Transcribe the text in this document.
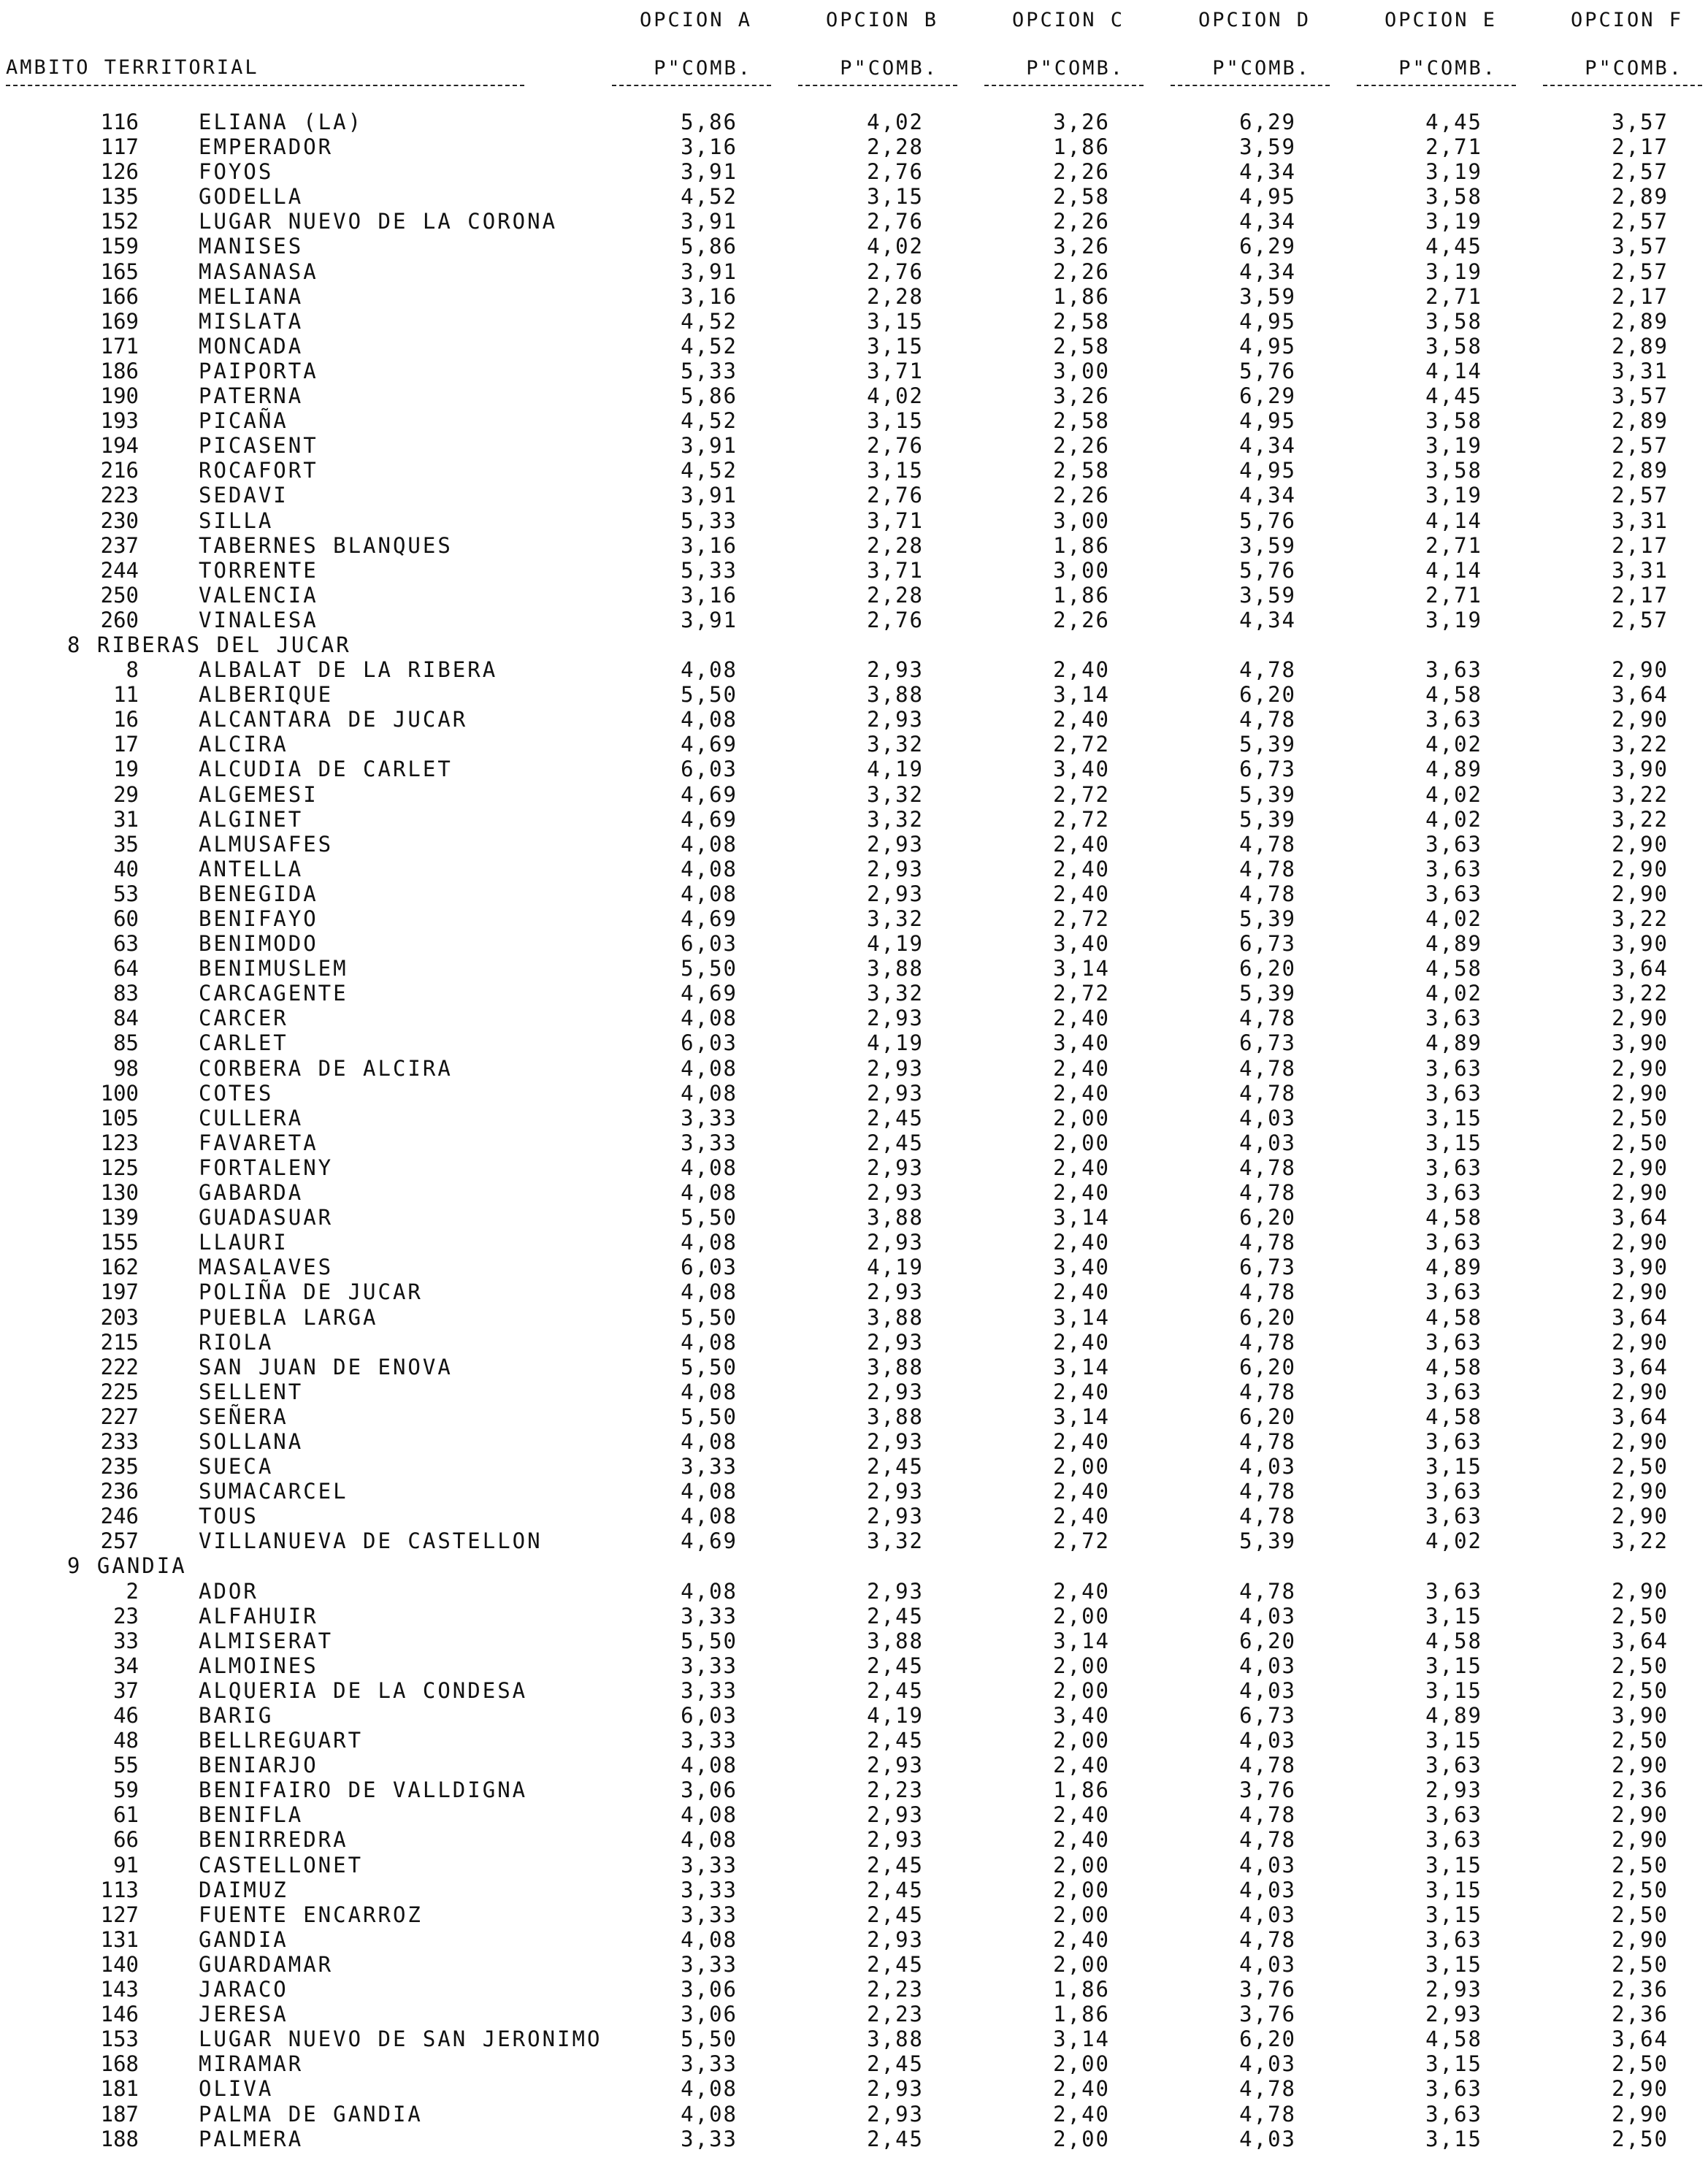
AMBITO TERRITORIAL
OPCION A	OPCION B	OPCION C	OPCION D	OPCION E	OPCION F
P"COMB.	P"COMB.	P"COMB.	P"COMB.	P"COMB.	P"COMB.
116	ELIANA (LA)	5,86	4,02	3,26	6,29	4,45	3,57
117	EMPERADOR	3,16	2,28	1,86	3,59	2,71	2,17
126	FOYOS	3,91	2,76	2,26	4,34	3,19	2,57
135	GODELLA	4,52	3,15	2,58	4,95	3,58	2,89
152	LUGAR NUEVO DE LA CORONA	3,91	2,76	2,26	4,34	3,19	2,57
159	MANISES	5,86	4,02	3,26	6,29	4,45	3,57
165	MASANASA	3,91	2,76	2,26	4,34	3,19	2,57
166	MELIANA	3,16	2,28	1,86	3,59	2,71	2,17
169	MISLATA	4,52	3,15	2,58	4,95	3,58	2,89
171	MONCADA	4,52	3,15	2,58	4,95	3,58	2,89
186	PAIPORTA	5,33	3,71	3,00	5,76	4,14	3,31
190	PATERNA	5,86	4,02	3,26	6,29	4,45	3,57
193	PICAÑA	4,52	3,15	2,58	4,95	3,58	2,89
194	PICASENT	3,91	2,76	2,26	4,34	3,19	2,57
216	ROCAFORT	4,52	3,15	2,58	4,95	3,58	2,89
223	SEDAVI	3,91	2,76	2,26	4,34	3,19	2,57
230	SILLA	5,33	3,71	3,00	5,76	4,14	3,31
237	TABERNES BLANQUES	3,16	2,28	1,86	3,59	2,71	2,17
244	TORRENTE	5,33	3,71	3,00	5,76	4,14	3,31
250	VALENCIA	3,16	2,28	1,86	3,59	2,71	2,17
260	VINALESA	3,91	2,76	2,26	4,34	3,19	2,57
8 RIBERAS DEL JUCAR
8	ALBALAT DE LA RIBERA	4,08	2,93	2,40	4,78	3,63	2,90
11	ALBERIQUE	5,50	3,88	3,14	6,20	4,58	3,64
16	ALCANTARA DE JUCAR	4,08	2,93	2,40	4,78	3,63	2,90
17	ALCIRA	4,69	3,32	2,72	5,39	4,02	3,22
19	ALCUDIA DE CARLET	6,03	4,19	3,40	6,73	4,89	3,90
29	ALGEMESI	4,69	3,32	2,72	5,39	4,02	3,22
31	ALGINET	4,69	3,32	2,72	5,39	4,02	3,22
35	ALMUSAFES	4,08	2,93	2,40	4,78	3,63	2,90
40	ANTELLA	4,08	2,93	2,40	4,78	3,63	2,90
53	BENEGIDA	4,08	2,93	2,40	4,78	3,63	2,90
60	BENIFAYO	4,69	3,32	2,72	5,39	4,02	3,22
63	BENIMODO	6,03	4,19	3,40	6,73	4,89	3,90
64	BENIMUSLEM	5,50	3,88	3,14	6,20	4,58	3,64
83	CARCAGENTE	4,69	3,32	2,72	5,39	4,02	3,22
84	CARCER	4,08	2,93	2,40	4,78	3,63	2,90
85	CARLET	6,03	4,19	3,40	6,73	4,89	3,90
98	CORBERA DE ALCIRA	4,08	2,93	2,40	4,78	3,63	2,90
100	COTES	4,08	2,93	2,40	4,78	3,63	2,90
105	CULLERA	3,33	2,45	2,00	4,03	3,15	2,50
123	FAVARETA	3,33	2,45	2,00	4,03	3,15	2,50
125	FORTALENY	4,08	2,93	2,40	4,78	3,63	2,90
130	GABARDA	4,08	2,93	2,40	4,78	3,63	2,90
139	GUADASUAR	5,50	3,88	3,14	6,20	4,58	3,64
155	LLAURI	4,08	2,93	2,40	4,78	3,63	2,90
162	MASALAVES	6,03	4,19	3,40	6,73	4,89	3,90
197	POLIÑA DE JUCAR	4,08	2,93	2,40	4,78	3,63	2,90
203	PUEBLA LARGA	5,50	3,88	3,14	6,20	4,58	3,64
215	RIOLA	4,08	2,93	2,40	4,78	3,63	2,90
222	SAN JUAN DE ENOVA	5,50	3,88	3,14	6,20	4,58	3,64
225	SELLENT	4,08	2,93	2,40	4,78	3,63	2,90
227	SEÑERA	5,50	3,88	3,14	6,20	4,58	3,64
233	SOLLANA	4,08	2,93	2,40	4,78	3,63	2,90
235	SUECA	3,33	2,45	2,00	4,03	3,15	2,50
236	SUMACARCEL	4,08	2,93	2,40	4,78	3,63	2,90
246	TOUS	4,08	2,93	2,40	4,78	3,63	2,90
257	VILLANUEVA DE CASTELLON	4,69	3,32	2,72	5,39	4,02	3,22
9 GANDIA
2	ADOR	4,08	2,93	2,40	4,78	3,63	2,90
23	ALFAHUIR	3,33	2,45	2,00	4,03	3,15	2,50
33	ALMISERAT	5,50	3,88	3,14	6,20	4,58	3,64
34	ALMOINES	3,33	2,45	2,00	4,03	3,15	2,50
37	ALQUERIA DE LA CONDESA	3,33	2,45	2,00	4,03	3,15	2,50
46	BARIG	6,03	4,19	3,40	6,73	4,89	3,90
48	BELLREGUART	3,33	2,45	2,00	4,03	3,15	2,50
55	BENIARJO	4,08	2,93	2,40	4,78	3,63	2,90
59	BENIFAIRO DE VALLDIGNA	3,06	2,23	1,86	3,76	2,93	2,36
61	BENIFLA	4,08	2,93	2,40	4,78	3,63	2,90
66	BENIRREDRA	4,08	2,93	2,40	4,78	3,63	2,90
91	CASTELLONET	3,33	2,45	2,00	4,03	3,15	2,50
113	DAIMUZ	3,33	2,45	2,00	4,03	3,15	2,50
127	FUENTE ENCARROZ	3,33	2,45	2,00	4,03	3,15	2,50
131	GANDIA	4,08	2,93	2,40	4,78	3,63	2,90
140	GUARDAMAR	3,33	2,45	2,00	4,03	3,15	2,50
143	JARACO	3,06	2,23	1,86	3,76	2,93	2,36
146	JERESA	3,06	2,23	1,86	3,76	2,93	2,36
153	LUGAR NUEVO DE SAN JERONIMO	5,50	3,88	3,14	6,20	4,58	3,64
168	MIRAMAR	3,33	2,45	2,00	4,03	3,15	2,50
181	OLIVA	4,08	2,93	2,40	4,78	3,63	2,90
187	PALMA DE GANDIA	4,08	2,93	2,40	4,78	3,63	2,90
188	PALMERA	3,33	2,45	2,00	4,03	3,15	2,50
